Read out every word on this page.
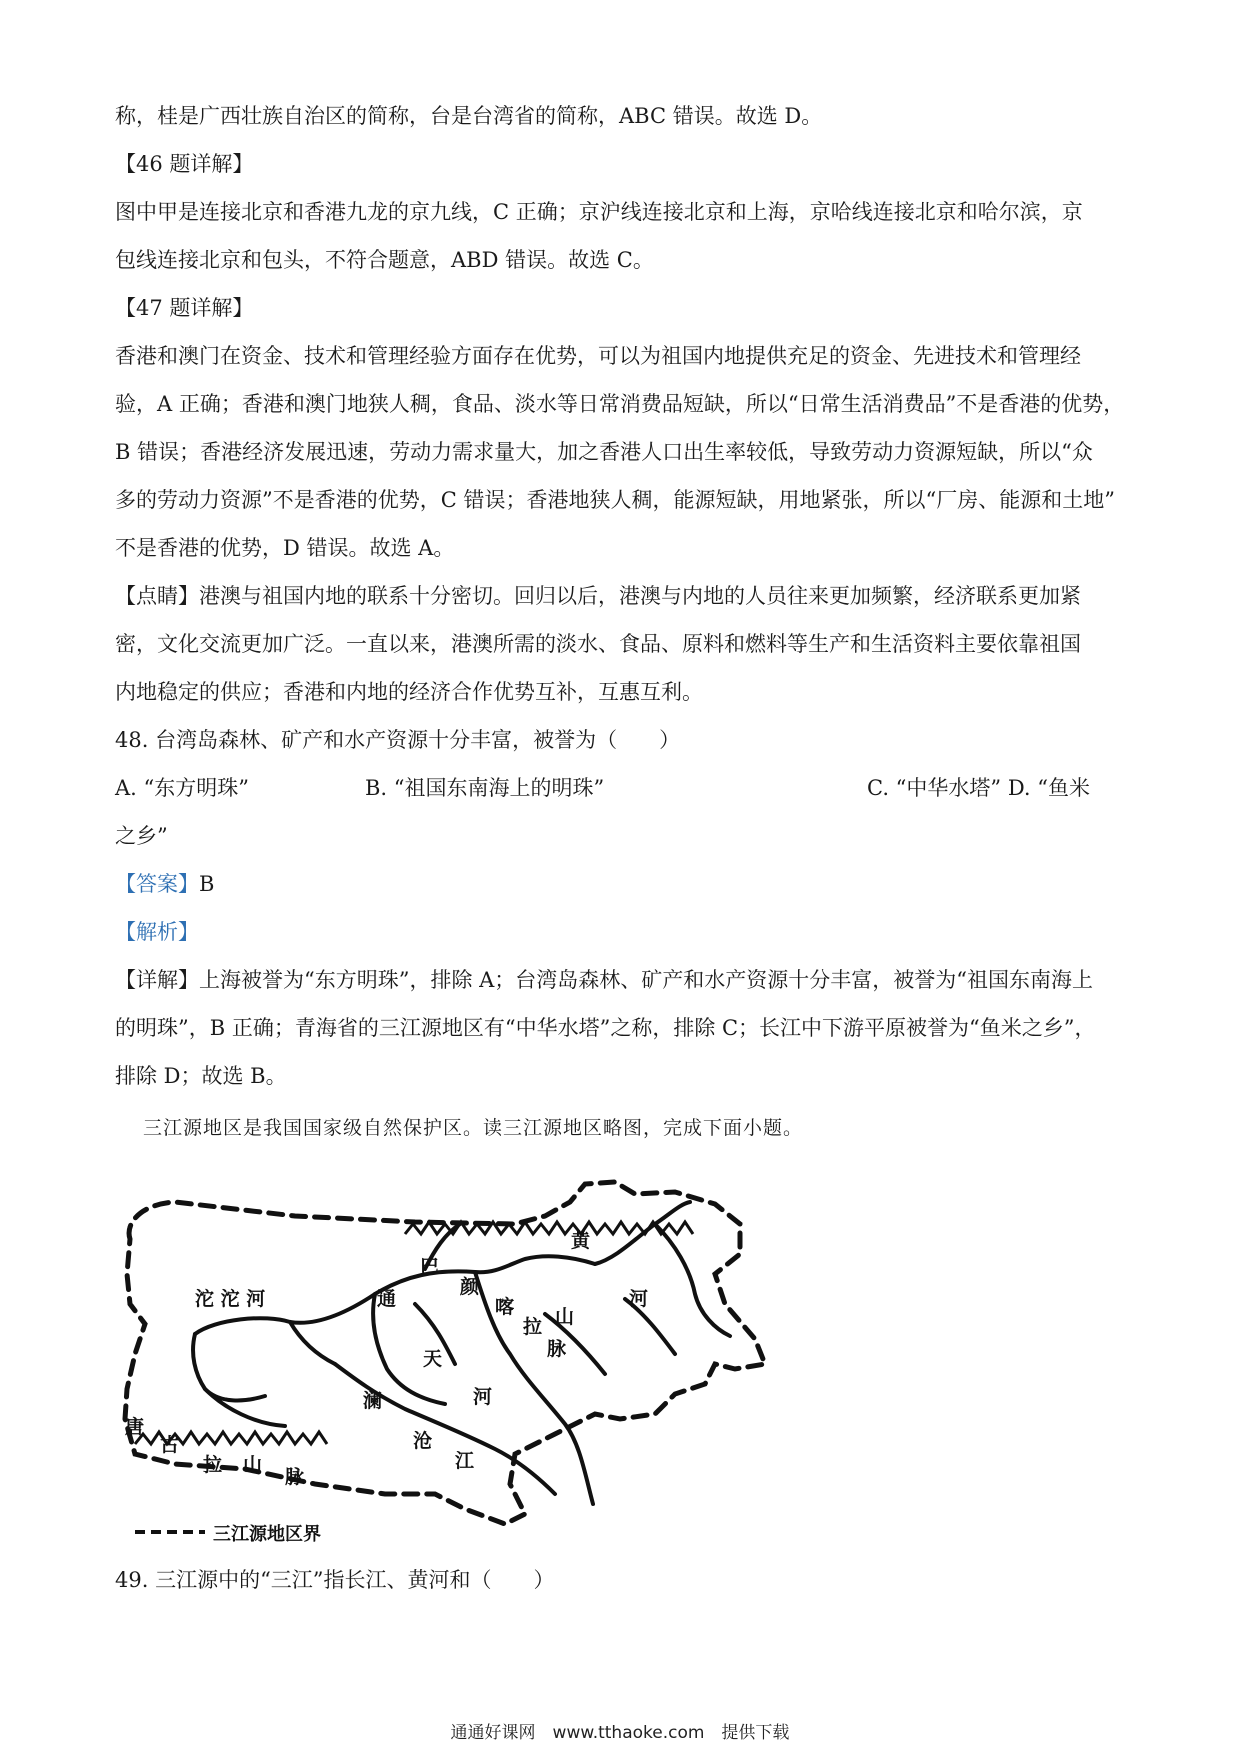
称，桂是广西壮族自治区的简称，台是台湾省的简称，ABC 错误。故选 D。
【46 题详解】
图中甲是连接北京和香港九龙的京九线，C 正确；京沪线连接北京和上海，京哈线连接北京和哈尔滨，京
包线连接北京和包头，不符合题意，ABD 错误。故选 C。
【47 题详解】
香港和澳门在资金、技术和管理经验方面存在优势，可以为祖国内地提供充足的资金、先进技术和管理经
验，A 正确；香港和澳门地狭人稠，食品、淡水等日常消费品短缺，所以“日常生活消费品”不是香港的优势，
B 错误；香港经济发展迅速，劳动力需求量大，加之香港人口出生率较低，导致劳动力资源短缺，所以“众
多的劳动力资源”不是香港的优势，C 错误；香港地狭人稠，能源短缺，用地紧张，所以“厂房、能源和土地”
不是香港的优势，D 错误。故选 A。
【点睛】港澳与祖国内地的联系十分密切。回归以后，港澳与内地的人员往来更加频繁，经济联系更加紧
密，文化交流更加广泛。一直以来，港澳所需的淡水、食品、原料和燃料等生产和生活资料主要依靠祖国
内地稳定的供应；香港和内地的经济合作优势互补，互惠互利。
48. 台湾岛森林、矿产和水产资源十分丰富，被誉为（　　）
A. “东方明珠”	B. “祖国东南海上的明珠”	C. “中华水塔” D. “鱼米
之乡”
【答案】B
【解析】
【详解】上海被誉为“东方明珠”，排除 A；台湾岛森林、矿产和水产资源十分丰富，被誉为“祖国东南海上
的明珠”，B 正确；青海省的三江源地区有“中华水塔”之称，排除 C；长江中下游平原被誉为“鱼米之乡”，
排除 D；故选 B。
三江源地区是我国国家级自然保护区。读三江源地区略图，完成下面小题。
沱 沱 河	通
天
河
巴
颜
喀
拉 山
脉
黄
河
澜
沧
江
唐
古
拉 山
脉
三江源地区界
49. 三江源中的“三江”指长江、黄河和（　　）
通通好课网　www.tthaoke.com　提供下载
